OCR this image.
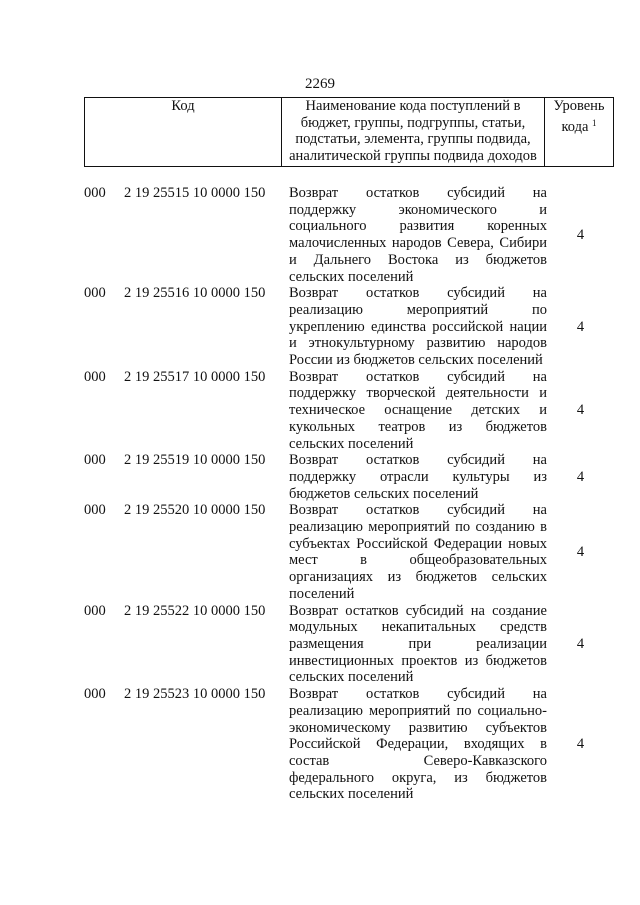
2269
Код	Наименование кода поступлений в
бюджет, группы, подгруппы, статьи,
подстатьи, элемента, группы подвида,
аналитической группы подвида доходов

Уровень
кода $^1$
000	2 19 25515 10 0000 150	Возврат остатков субсидий на
поддержку экономического и
социального развития коренных
малочисленных народов Севера, Сибири
и Дальнего Востока из бюджетов
сельских поселений
4
000	2 19 25516 10 0000 150	Возврат остатков субсидий на
реализацию мероприятий по
укреплению единства российской нации
и этнокультурному развитию народов
России из бюджетов сельских поселений
4
000	2 19 25517 10 0000 150	Возврат остатков субсидий на
поддержку творческой деятельности и
техническое оснащение детских и
кукольных театров из бюджетов
сельских поселений
4
000	2 19 25519 10 0000 150	Возврат остатков субсидий на
поддержку отрасли культуры из
бюджетов сельских поселений
4
000	2 19 25520 10 0000 150	Возврат остатков субсидий на
реализацию мероприятий по созданию в
субъектах Российской Федерации новых
мест в общеобразовательных
организациях из бюджетов сельских
поселений
4
000	2 19 25522 10 0000 150	Возврат остатков субсидий на создание
модульных некапитальных средств
размещения при реализации
инвестиционных проектов из бюджетов
сельских поселений
4
000	2 19 25523 10 0000 150	Возврат остатков субсидий на
реализацию мероприятий по социально-
экономическому развитию субъектов
Российской Федерации, входящих в
состав Северо-Кавказского
федерального округа, из бюджетов
сельских поселений
4
